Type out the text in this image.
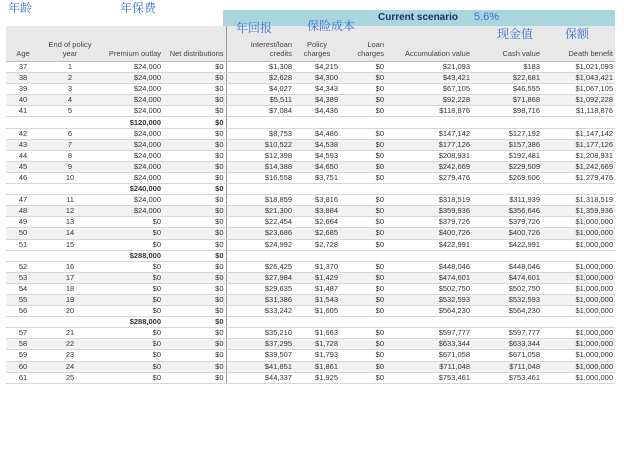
年龄	年保费
年回报	保险成本
Current scenario 5.6%
现金值	保额
Age	End of policy year	Premium outlay	Net distributions	Interest/loan credits	Policy charges	Loan charges	Accumulation value	Cash value	Death benefit
37	1	$24,000	$0	$1,308	$4,215	$0	$21,093	$183	$1,021,093
38	2	$24,000	$0	$2,628	$4,300	$0	$43,421	$22,681	$1,043,421
39	3	$24,000	$0	$4,027	$4,343	$0	$67,105	$46,555	$1,067,105
40	4	$24,000	$0	$5,511	$4,389	$0	$92,228	$71,868	$1,092,228
41	5	$24,000	$0	$7,084	$4,436	$0	$118,876	$98,716	$1,118,876
		$120,000	$0						
42	6	$24,000	$0	$8,753	$4,486	$0	$147,142	$127,192	$1,147,142
43	7	$24,000	$0	$10,522	$4,538	$0	$177,126	$157,386	$1,177,126
44	8	$24,000	$0	$12,398	$4,593	$0	$208,931	$192,481	$1,208,931
45	9	$24,000	$0	$14,388	$4,650	$0	$242,669	$229,509	$1,242,669
46	10	$24,000	$0	$16,558	$3,751	$0	$279,476	$269,606	$1,279,476
		$240,000	$0						
47	11	$24,000	$0	$18,859	$3,816	$0	$318,519	$311,939	$1,318,519
48	12	$24,000	$0	$21,300	$3,884	$0	$359,936	$356,646	$1,359,936
49	13	$0	$0	$22,454	$2,664	$0	$379,726	$379,726	$1,000,000
50	14	$0	$0	$23,686	$2,685	$0	$400,726	$400,726	$1,000,000
51	15	$0	$0	$24,992	$2,728	$0	$422,991	$422,991	$1,000,000
		$288,000	$0						
52	16	$0	$0	$26,425	$1,370	$0	$448,046	$448,046	$1,000,000
53	17	$0	$0	$27,984	$1,429	$0	$474,601	$474,601	$1,000,000
54	18	$0	$0	$29,635	$1,487	$0	$502,750	$502,750	$1,000,000
55	19	$0	$0	$31,386	$1,543	$0	$532,593	$532,593	$1,000,000
56	20	$0	$0	$33,242	$1,605	$0	$564,230	$564,230	$1,000,000
		$288,000	$0						
57	21	$0	$0	$35,210	$1,663	$0	$597,777	$597,777	$1,000,000
58	22	$0	$0	$37,295	$1,728	$0	$633,344	$633,344	$1,000,000
59	23	$0	$0	$39,507	$1,793	$0	$671,058	$671,058	$1,000,000
60	24	$0	$0	$41,851	$1,861	$0	$711,048	$711,048	$1,000,000
61	25	$0	$0	$44,337	$1,925	$0	$753,461	$753,461	$1,000,000
